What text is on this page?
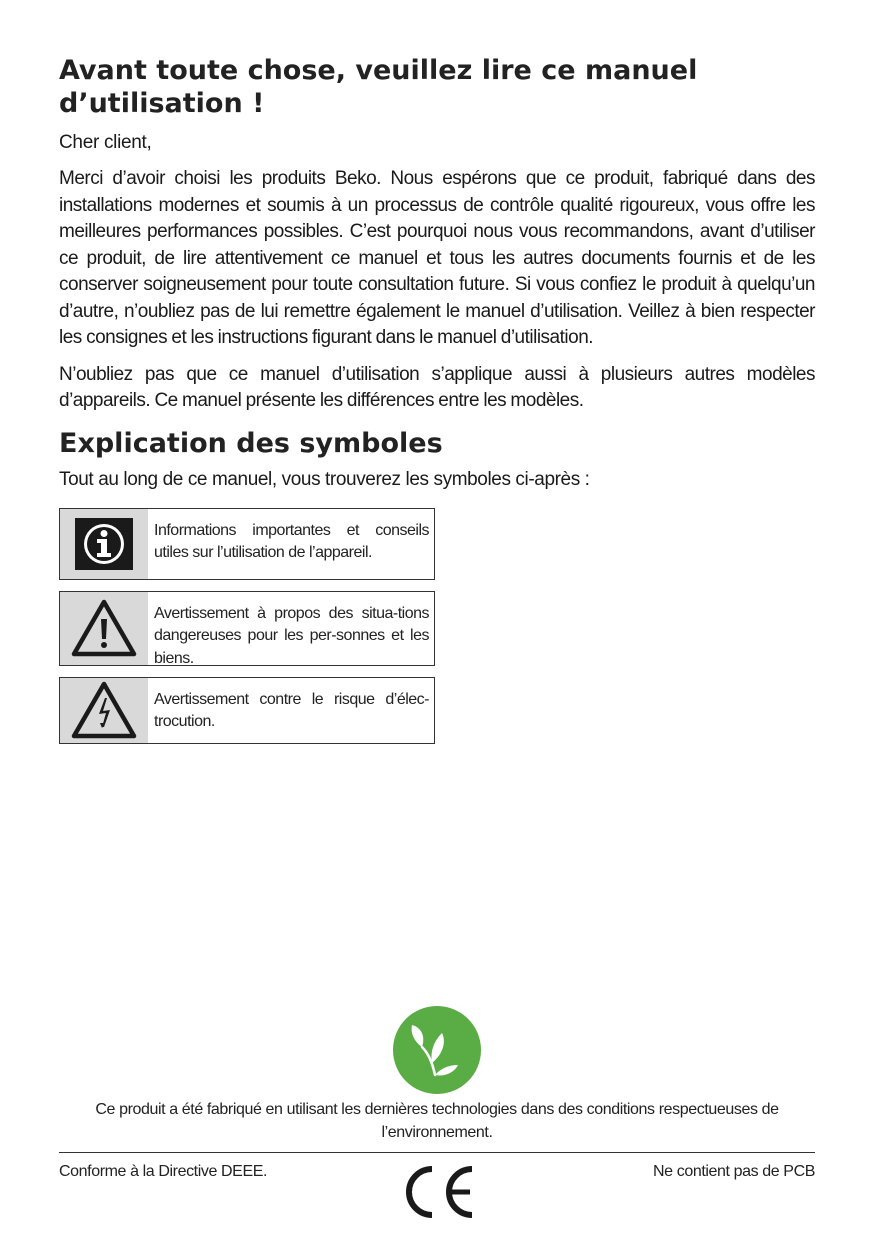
Avant toute chose, veuillez lire ce manuel
d’utilisation !

Cher client,

Merci d’avoir choisi les produits Beko. Nous espérons que ce produit, fabriqué dans des installations modernes et soumis à un processus de contrôle qualité rigoureux, vous offre les meilleures performances possibles. C’est pourquoi nous vous recommandons, avant d’utiliser ce produit, de lire attentivement ce manuel et tous les autres documents fournis et de les conserver soigneusement pour toute consultation future. Si vous confiez le produit à quelqu’un d’autre, n’oubliez pas de lui remettre également le manuel d’utilisation. Veillez à bien respecter les consignes et les instructions figurant dans le manuel d’utilisation.

N’oubliez pas que ce manuel d’utilisation s’applique aussi à plusieurs autres modèles d’appareils. Ce manuel présente les différences entre les modèles.

Explication des symboles

Tout au long de ce manuel, vous trouverez les symboles ci-après :

Informations importantes et conseils utiles sur l’utilisation de l’appareil.
Avertissement à propos des situa-tions dangereuses pour les per-sonnes et les biens.
Avertissement contre le risque d’élec-trocution.
Ce produit a été fabriqué en utilisant les dernières technologies dans des conditions respectueuses de l’environnement.
Conforme à la Directive DEEE.	Ne contient pas de PCB
